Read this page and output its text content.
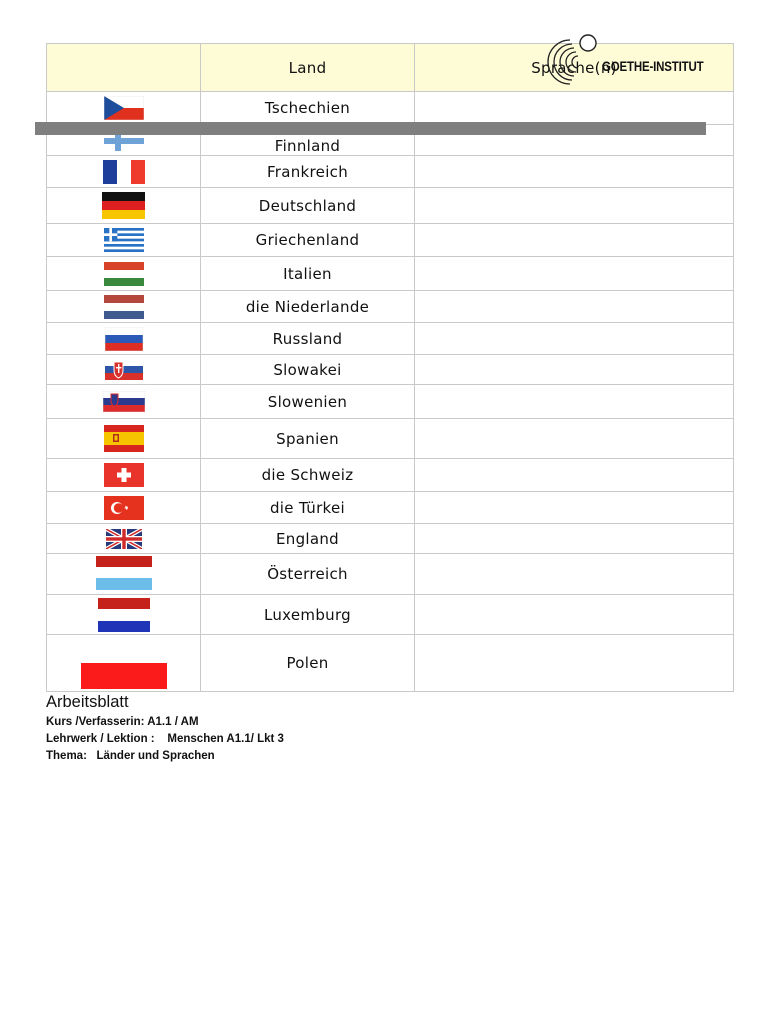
	Land	Sprache(n)

	Tschechien	

	Finnland	

	Frankreich	

	Deutschland	

	Griechenland	

	Italien	

	die Niederlande	

	Russland	

	Slowakei	

	Slowenien	

	Spanien	

	die Schweiz	

	die Türkei	

	England	

	Österreich	

	Luxemburg	

	Polen	
GOETHE-INSTITUT
Arbeitsblatt
Kurs /Verfasserin: A1.1 / AM
Lehrwerk / Lektion :    Menschen A1.1/ Lkt 3
Thema:   Länder und Sprachen
